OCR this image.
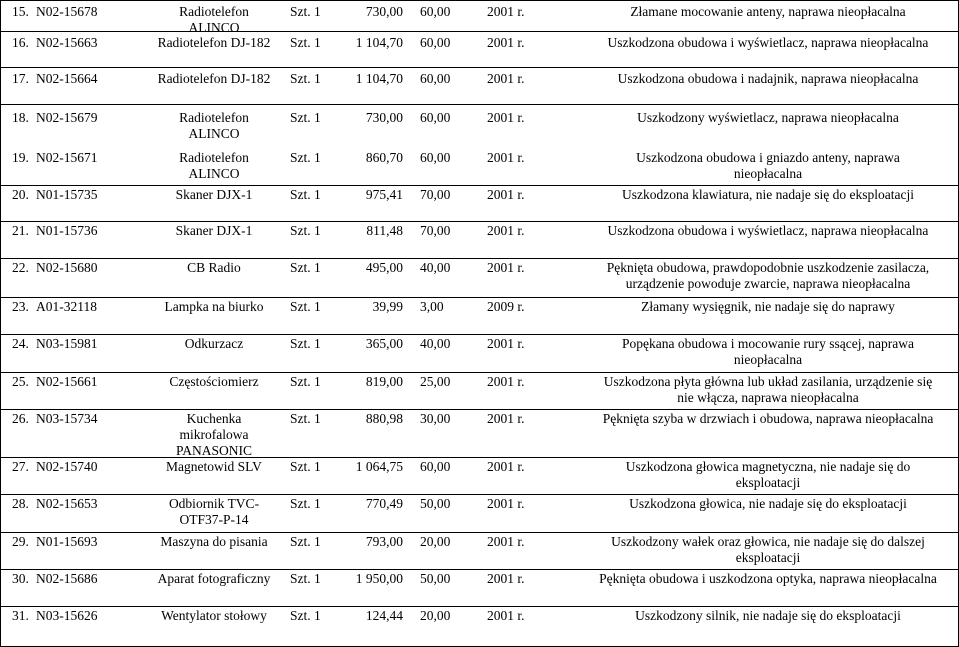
15. N02-15678	Radiotelefon
ALINCO
Szt. 1	730,00 60,00	2001 r.	Złamane mocowanie anteny, naprawa nieopłacalna
16. N02-15663	Radiotelefon DJ-182	Szt. 1	1 104,70 60,00	2001 r.	Uszkodzona obudowa i wyświetlacz, naprawa nieopłacalna
17. N02-15664	Radiotelefon DJ-182	Szt. 1	1 104,70 60,00	2001 r.	Uszkodzona obudowa i nadajnik, naprawa nieopłacalna
18. N02-15679	Radiotelefon
ALINCO
Szt. 1	730,00 60,00	2001 r.	Uszkodzony wyświetlacz, naprawa nieopłacalna
19. N02-15671	Radiotelefon
ALINCO
Szt. 1	860,70 60,00	2001 r.	Uszkodzona obudowa i gniazdo anteny, naprawa
nieopłacalna
20. N01-15735	Skaner DJX-1	Szt. 1	975,41 70,00	2001 r.	Uszkodzona klawiatura, nie nadaje się do eksploatacji
21. N01-15736	Skaner DJX-1	Szt. 1	811,48 70,00	2001 r.	Uszkodzona obudowa i wyświetlacz, naprawa nieopłacalna
22. N02-15680	CB Radio	Szt. 1	495,00 40,00	2001 r.	Pęknięta obudowa, prawdopodobnie uszkodzenie zasilacza,
urządzenie powoduje zwarcie, naprawa nieopłacalna
23. A01-32118	Lampka na biurko	Szt. 1	39,99 3,00	2009 r.	Złamany wysięgnik, nie nadaje się do naprawy
24. N03-15981	Odkurzacz	Szt. 1	365,00 40,00	2001 r.	Popękana obudowa i mocowanie rury ssącej, naprawa
nieopłacalna
25. N02-15661	Częstościomierz	Szt. 1	819,00 25,00	2001 r.	Uszkodzona płyta główna lub układ zasilania, urządzenie się
nie włącza, naprawa nieopłacalna
26. N03-15734	Kuchenka
mikrofalowa
PANASONIC
Szt. 1	880,98 30,00	2001 r.	Pęknięta szyba w drzwiach i obudowa, naprawa nieopłacalna
27. N02-15740	Magnetowid SLV	Szt. 1	1 064,75 60,00	2001 r.	Uszkodzona głowica magnetyczna, nie nadaje się do
eksploatacji
28. N02-15653	Odbiornik TVC-
OTF37-P-14
Szt. 1	770,49 50,00	2001 r.	Uszkodzona głowica, nie nadaje się do eksploatacji
29. N01-15693	Maszyna do pisania	Szt. 1	793,00 20,00	2001 r.	Uszkodzony wałek oraz głowica, nie nadaje się do dalszej
eksploatacji
30. N02-15686	Aparat fotograficzny	Szt. 1	1 950,00 50,00	2001 r.	Pęknięta obudowa i uszkodzona optyka, naprawa nieopłacalna
31. N03-15626	Wentylator stołowy	Szt. 1	124,44 20,00	2001 r.	Uszkodzony silnik, nie nadaje się do eksploatacji
